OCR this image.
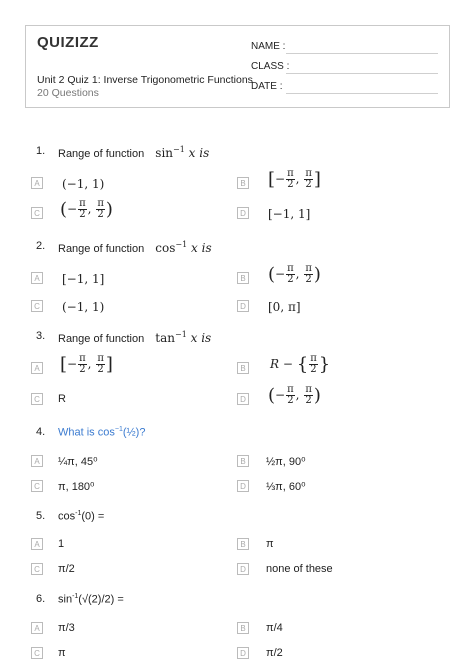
QUIZIZZ
Unit 2 Quiz 1: Inverse Trigonometric Functions
20 Questions
NAME :
CLASS :
DATE :
1. Range of function $\sin^{-1} x$ is
A (−1, 1)	B [− $\frac{\pi}{2}$ , $\frac{\pi}{2}$ ]
C (− $\frac{\pi}{2}$ , $\frac{\pi}{2}$ )	D [−1, 1]
2. Range of function $\cos^{-1} x$ is
A [−1, 1]	B (− $\frac{\pi}{2}$ , $\frac{\pi}{2}$ )
C (−1, 1)	D [0, π]
3. Range of function $\tan^{-1} x$ is
A [− $\frac{\pi}{2}$ , $\frac{\pi}{2}$ ]	B R − { $\frac{\pi}{2}$ }
C R	D (− $\frac{\pi}{2}$ , $\frac{\pi}{2}$ )
4. What is $\cos^{-1}(\frac{1}{2})$?
A	¼π, 45⁰	B	½π, 90⁰
C π, 180⁰	D ⅓π, 60⁰
5. $\cos^{-1}(0)$ =
A	1	B	π
C π/2	D none of these
6. $\sin^{-1}(√(2)/2)$ =
A	π/3	B	π/4
C π	D π/2
